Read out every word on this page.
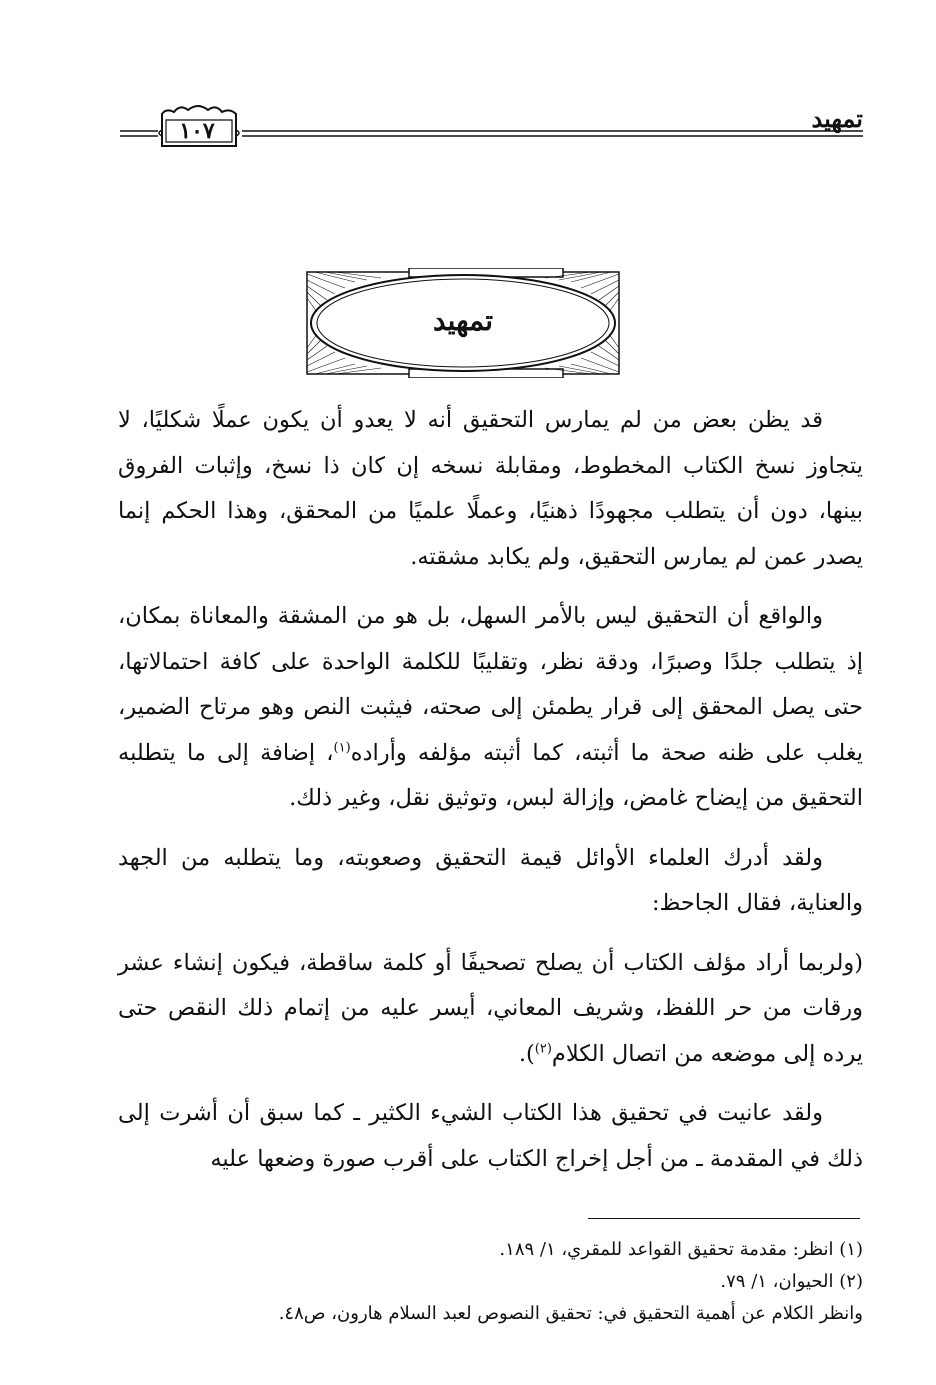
١٠٧	تمهيد
تمهيد

قد يظن بعض من لم يمارس التحقيق أنه لا يعدو أن يكون عملًا شكليًا، لا يتجاوز نسخ الكتاب المخطوط، ومقابلة نسخه إن كان ذا نسخ، وإثبات الفروق بينها، دون أن يتطلب مجهودًا ذهنيًا، وعملًا علميًا من المحقق، وهذا الحكم إنما يصدر عمن لم يمارس التحقيق، ولم يكابد مشقته.

والواقع أن التحقيق ليس بالأمر السهل، بل هو من المشقة والمعاناة بمكان، إذ يتطلب جلدًا وصبرًا، ودقة نظر، وتقليبًا للكلمة الواحدة على كافة احتمالاتها، حتى يصل المحقق إلى قرار يطمئن إلى صحته، فيثبت النص وهو مرتاح الضمير، يغلب على ظنه صحة ما أثبته، كما أثبته مؤلفه وأراده$^{(١)}$، إضافة إلى ما يتطلبه التحقيق من إيضاح غامض، وإزالة لبس، وتوثيق نقل، وغير ذلك.

ولقد أدرك العلماء الأوائل قيمة التحقيق وصعوبته، وما يتطلبه من الجهد والعناية، فقال الجاحظ:

(ولربما أراد مؤلف الكتاب أن يصلح تصحيفًا أو كلمة ساقطة، فيكون إنشاء عشر ورقات من حر اللفظ، وشريف المعاني، أيسر عليه من إتمام ذلك النقص حتى يرده إلى موضعه من اتصال الكلام$^{(٢)}$).

ولقد عانيت في تحقيق هذا الكتاب الشيء الكثير ـ كما سبق أن أشرت إلى ذلك في المقدمة ـ من أجل إخراج الكتاب على أقرب صورة وضعها عليه

(١) انظر: مقدمة تحقيق القواعد للمقري، ١/ ١٨٩.
(٢) الحيوان، ١/ ٧٩.
وانظر الكلام عن أهمية التحقيق في: تحقيق النصوص لعبد السلام هارون، ص٤٨.
